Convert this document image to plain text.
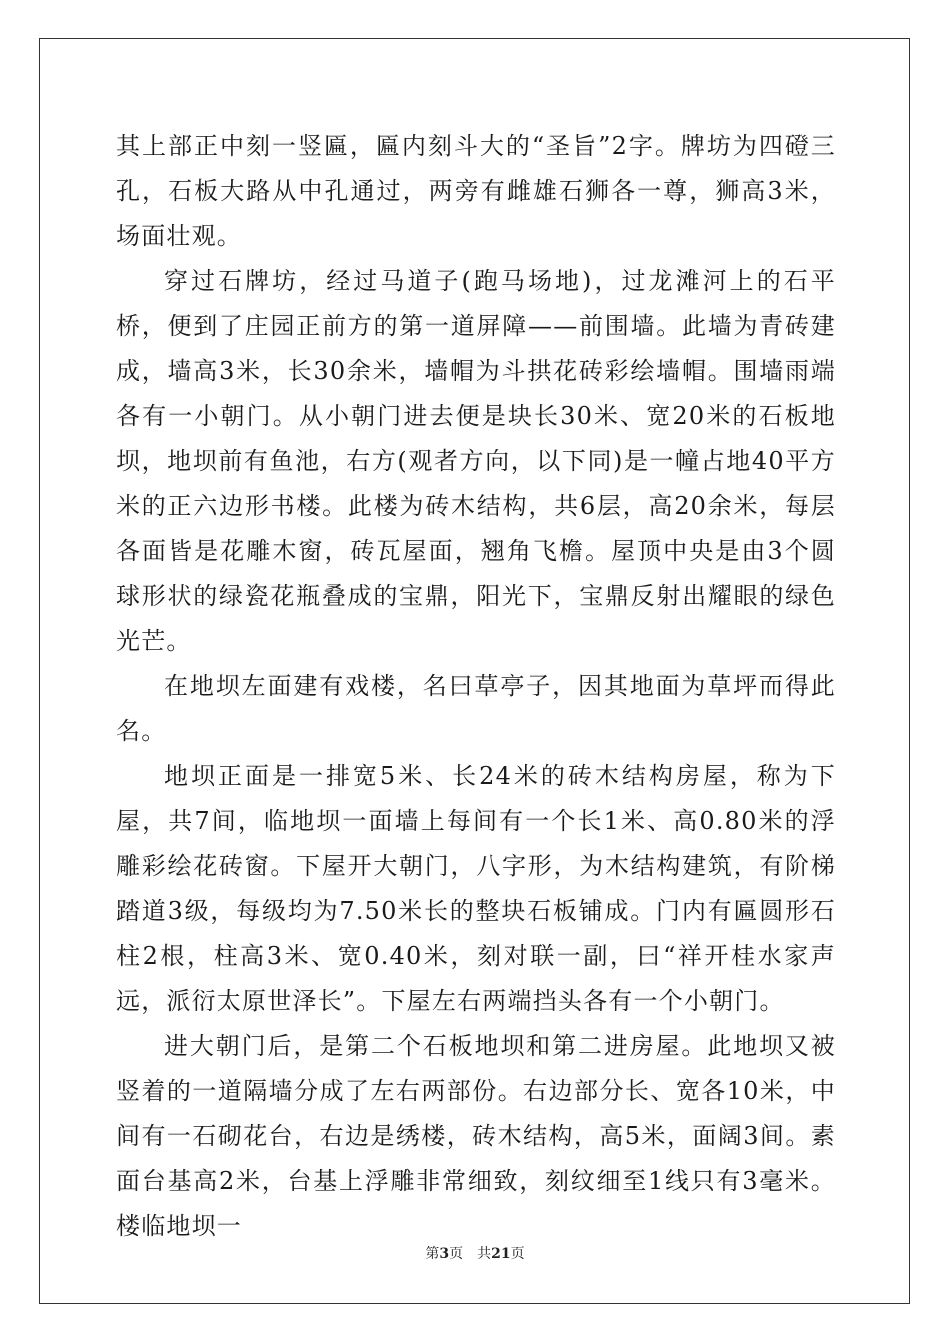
其上部正中刻一竖匾，匾内刻斗大的“圣旨”2字。牌坊为四磴三孔，石板大路从中孔通过，两旁有雌雄石狮各一尊，狮高3米，场面壮观。

穿过石牌坊，经过马道子(跑马场地)，过龙滩河上的石平桥，便到了庄园正前方的第一道屏障——前围墙。此墙为青砖建成，墙高3米，长30余米，墙帽为斗拱花砖彩绘墙帽。围墙雨端各有一小朝门。从小朝门进去便是块长30米、宽20米的石板地坝，地坝前有鱼池，右方(观者方向，以下同)是一幢占地40平方米的正六边形书楼。此楼为砖木结构，共6层，高20余米，每层各面皆是花雕木窗，砖瓦屋面，翘角飞檐。屋顶中央是由3个圆球形状的绿瓷花瓶叠成的宝鼎，阳光下，宝鼎反射出耀眼的绿色光芒。

在地坝左面建有戏楼，名曰草亭子，因其地面为草坪而得此名。

地坝正面是一排宽5米、长24米的砖木结构房屋，称为下屋，共7间，临地坝一面墙上每间有一个长1米、高0.80米的浮雕彩绘花砖窗。下屋开大朝门，八字形，为木结构建筑，有阶梯踏道3级，每级均为7.50米长的整块石板铺成。门内有匾圆形石柱2根，柱高3米、宽0.40米，刻对联一副，曰“祥开桂水家声远，派衍太原世泽长”。下屋左右两端挡头各有一个小朝门。

进大朝门后，是第二个石板地坝和第二进房屋。此地坝又被竖着的一道隔墙分成了左右两部份。右边部分长、宽各10米，中间有一石砌花台，右边是绣楼，砖木结构，高5米，面阔3间。素面台基高2米，台基上浮雕非常细致，刻纹细至1线只有3毫米。楼临地坝一

第3页 共21页
